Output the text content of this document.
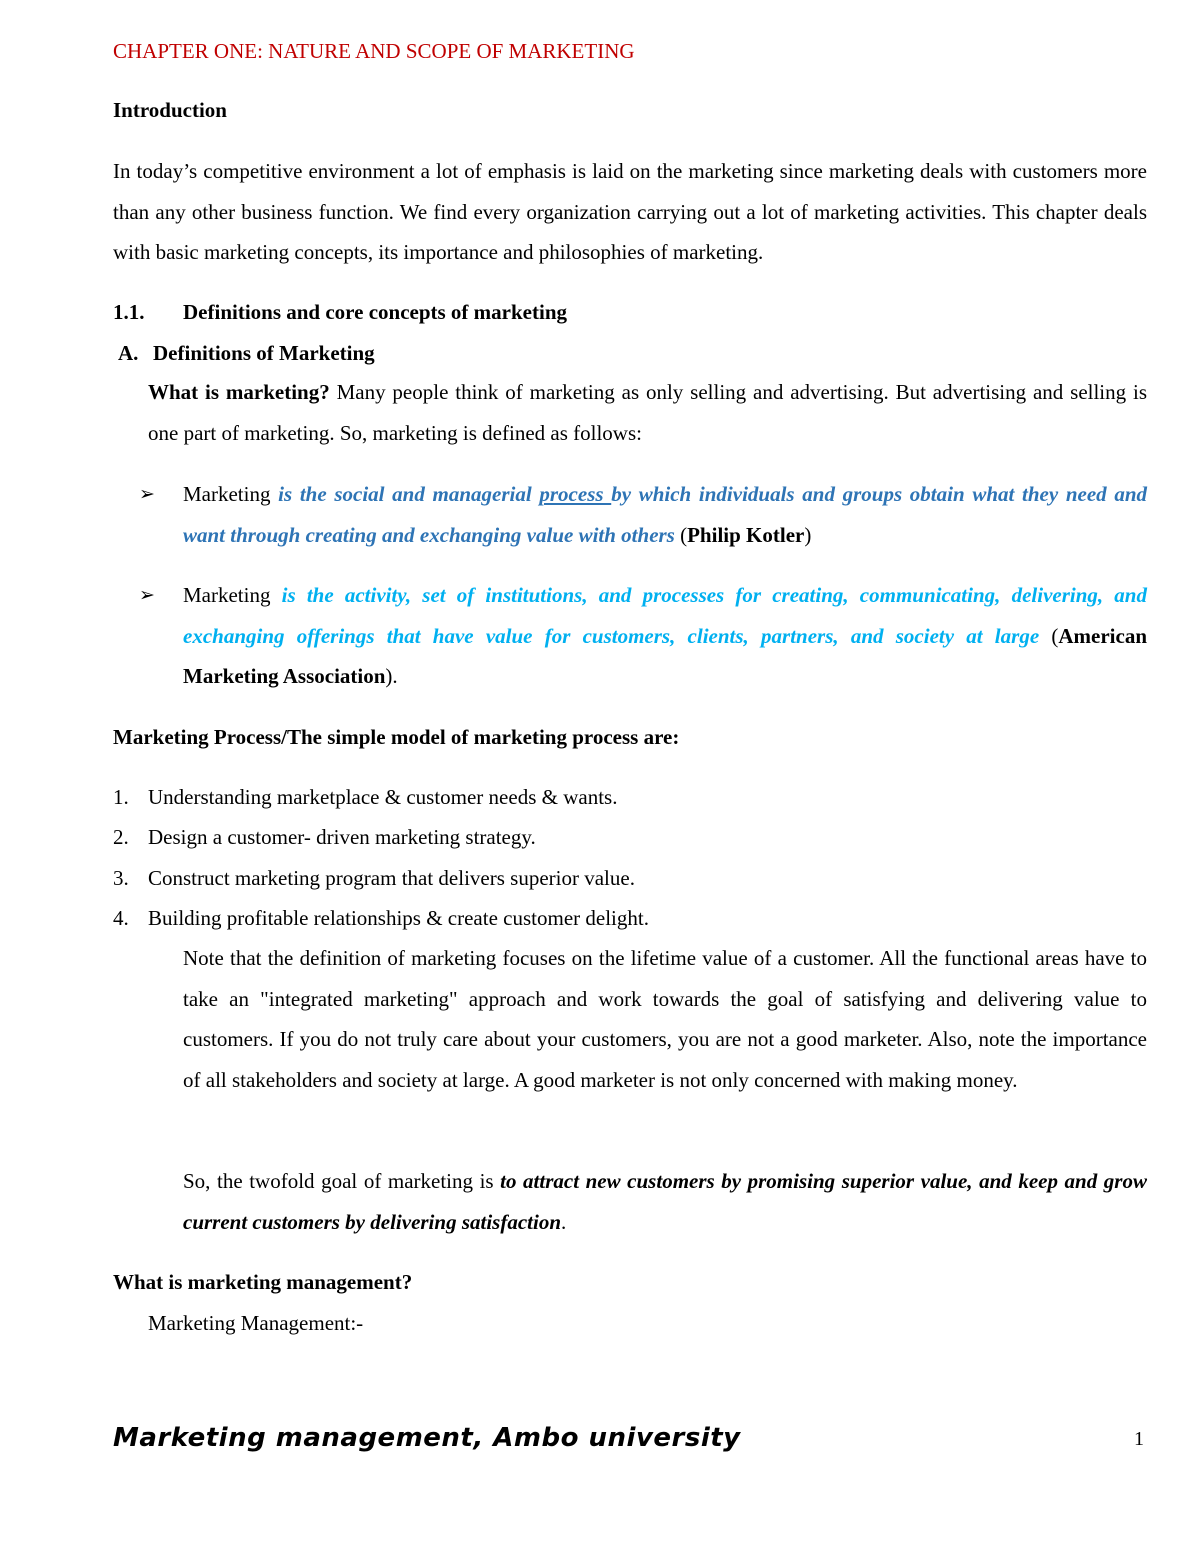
CHAPTER ONE: NATURE AND SCOPE OF MARKETING
Introduction

In today’s competitive environment a lot of emphasis is laid on the marketing since marketing deals with customers more than any other business function. We find every organization carrying out a lot of marketing activities. This chapter deals with basic marketing concepts, its importance and philosophies of marketing.

1.1. Definitions and core concepts of marketing
A. Definitions of Marketing

What is marketing? Many people think of marketing as only selling and advertising. But advertising and selling is one part of marketing. So, marketing is defined as follows:

➢	Marketing is the social and managerial process by which individuals and groups obtain what they need and want through creating and exchanging value with others (Philip Kotler)

➢	Marketing is the activity, set of institutions, and processes for creating, communicating, delivering, and exchanging offerings that have value for customers, clients, partners, and society at large (American Marketing Association).

Marketing Process/The simple model of marketing process are:
1. Understanding marketplace & customer needs & wants.
2. Design a customer- driven marketing strategy.
3. Construct marketing program that delivers superior value.
4. Building profitable relationships & create customer delight.

Note that the definition of marketing focuses on the lifetime value of a customer. All the functional areas have to take an "integrated marketing" approach and work towards the goal of satisfying and delivering value to customers. If you do not truly care about your customers, you are not a good marketer. Also, note the importance of all stakeholders and society at large. A good marketer is not only concerned with making money.

So, the twofold goal of marketing is to attract new customers by promising superior value, and keep and grow current customers by delivering satisfaction.

What is marketing management?
Marketing Management:-
Marketing management, Ambo university	1
